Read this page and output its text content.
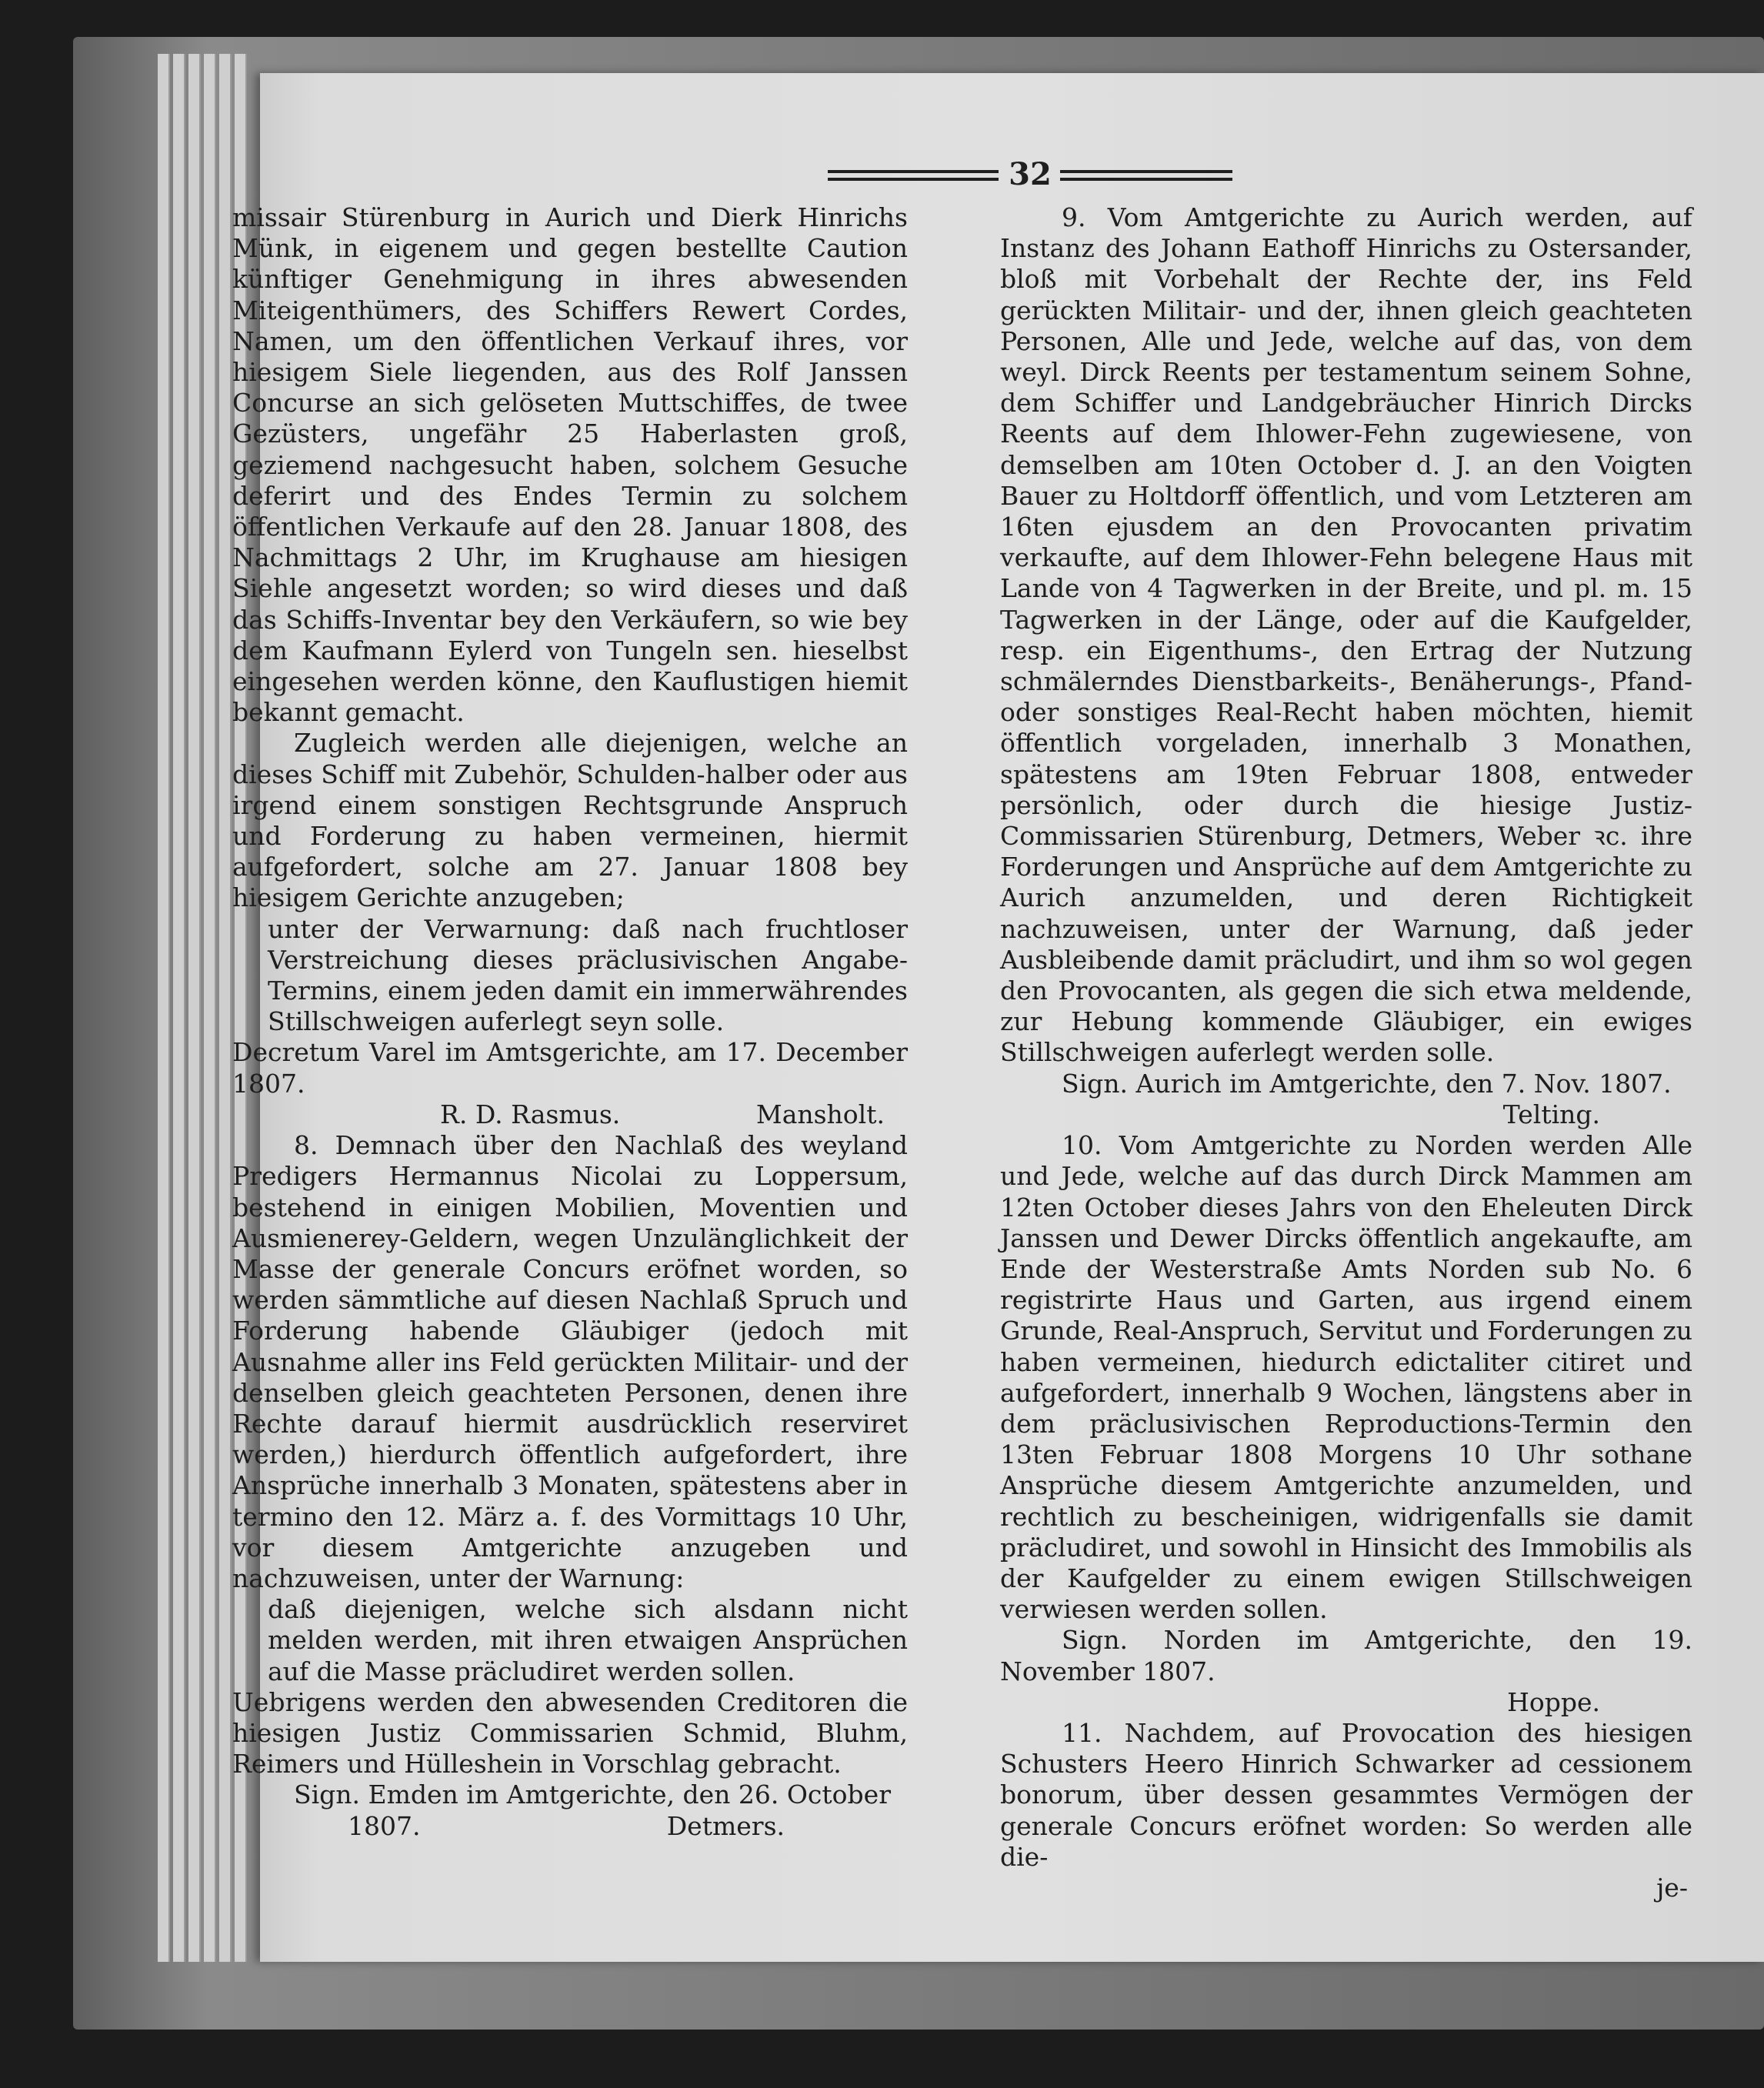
32

missair Stürenburg in Aurich und Dierk Hinrichs Münk, in eigenem und gegen bestellte Caution künftiger Genehmigung in ihres abwesenden Miteigenthümers, des Schiffers Rewert Cordes, Namen, um den öffentlichen Verkauf ihres, vor hiesigem Siele liegenden, aus des Rolf Janssen Concurse an sich gelöseten Muttschiffes, de twee Gezüsters, ungefähr 25 Haberlasten groß, geziemend nachgesucht haben, solchem Gesuche deferirt und des Endes Termin zu solchem öffentlichen Verkaufe auf den 28. Januar 1808, des Nachmittags 2 Uhr, im Krughause am hiesigen Siehle angesetzt worden; so wird dieses und daß das Schiffs-Inventar bey den Verkäufern, so wie bey dem Kaufmann Eylerd von Tungeln sen. hieselbst eingesehen werden könne, den Kauflustigen hiemit bekannt gemacht.

Zugleich werden alle diejenigen, welche an dieses Schiff mit Zubehör, Schulden-halber oder aus irgend einem sonstigen Rechtsgrunde Anspruch und Forderung zu haben vermeinen, hiermit aufgefordert, solche am 27. Januar 1808 bey hiesigem Gerichte anzugeben;

unter der Verwarnung: daß nach fruchtloser Verstreichung dieses präclusivischen Angabe-Termins, einem jeden damit ein immerwährendes Stillschweigen auferlegt seyn solle.

Decretum Varel im Amtsgerichte, am 17. December 1807.

R. D. Rasmus.	Mansholt.

8. Demnach über den Nachlaß des weyland Predigers Hermannus Nicolai zu Loppersum, bestehend in einigen Mobilien, Moventien und Ausmienerey-Geldern, wegen Unzulänglichkeit der Masse der generale Concurs eröfnet worden, so werden sämmtliche auf diesen Nachlaß Spruch und Forderung habende Gläubiger (jedoch mit Ausnahme aller ins Feld gerückten Militair- und der denselben gleich geachteten Personen, denen ihre Rechte darauf hiermit ausdrücklich reserviret werden,) hierdurch öffentlich aufgefordert, ihre Ansprüche innerhalb 3 Monaten, spätestens aber in termino den 12. März a. f. des Vormittags 10 Uhr, vor diesem Amtgerichte anzugeben und nachzuweisen, unter der Warnung:

daß diejenigen, welche sich alsdann nicht melden werden, mit ihren etwaigen Ansprüchen auf die Masse präcludiret werden sollen.

Uebrigens werden den abwesenden Creditoren die hiesigen Justiz Commissarien Schmid, Bluhm, Reimers und Hülleshein in Vorschlag gebracht.

Sign. Emden im Amtgerichte, den 26. October

1807.	Detmers.

9. Vom Amtgerichte zu Aurich werden, auf Instanz des Johann Eathoff Hinrichs zu Ostersander, bloß mit Vorbehalt der Rechte der, ins Feld gerückten Militair- und der, ihnen gleich geachteten Personen, Alle und Jede, welche auf das, von dem weyl. Dirck Reents per testamentum seinem Sohne, dem Schiffer und Landgebräucher Hinrich Dircks Reents auf dem Ihlower-Fehn zugewiesene, von demselben am 10ten October d. J. an den Voigten Bauer zu Holtdorff öffentlich, und vom Letzteren am 16ten ejusdem an den Provocanten privatim verkaufte, auf dem Ihlower-Fehn belegene Haus mit Lande von 4 Tagwerken in der Breite, und pl. m. 15 Tagwerken in der Länge, oder auf die Kaufgelder, resp. ein Eigenthums-, den Ertrag der Nutzung schmälerndes Dienstbarkeits-, Benäherungs-, Pfand- oder sonstiges Real-Recht haben möchten, hiemit öffentlich vorgeladen, innerhalb 3 Monathen, spätestens am 19ten Februar 1808, entweder persönlich, oder durch die hiesige Justiz-Commissarien Stürenburg, Detmers, Weber ꝛc. ihre Forderungen und Ansprüche auf dem Amtgerichte zu Aurich anzumelden, und deren Richtigkeit nachzuweisen, unter der Warnung, daß jeder Ausbleibende damit präcludirt, und ihm so wol gegen den Provocanten, als gegen die sich etwa meldende, zur Hebung kommende Gläubiger, ein ewiges Stillschweigen auferlegt werden solle.

Sign. Aurich im Amtgerichte, den 7. Nov. 1807.

Telting.

10. Vom Amtgerichte zu Norden werden Alle und Jede, welche auf das durch Dirck Mammen am 12ten October dieses Jahrs von den Eheleuten Dirck Janssen und Dewer Dircks öffentlich angekaufte, am Ende der Westerstraße Amts Norden sub No. 6 registrirte Haus und Garten, aus irgend einem Grunde, Real-Anspruch, Servitut und Forderungen zu haben vermeinen, hiedurch edictaliter citiret und aufgefordert, innerhalb 9 Wochen, längstens aber in dem präclusivischen Reproductions-Termin den 13ten Februar 1808 Morgens 10 Uhr sothane Ansprüche diesem Amtgerichte anzumelden, und rechtlich zu bescheinigen, widrigenfalls sie damit präcludiret, und sowohl in Hinsicht des Immobilis als der Kaufgelder zu einem ewigen Stillschweigen verwiesen werden sollen.

Sign. Norden im Amtgerichte, den 19. November 1807.

Hoppe.

11. Nachdem, auf Provocation des hiesigen Schusters Heero Hinrich Schwarker ad cessionem bonorum, über dessen gesammtes Vermögen der generale Concurs eröfnet worden: So werden alle die-

je-
